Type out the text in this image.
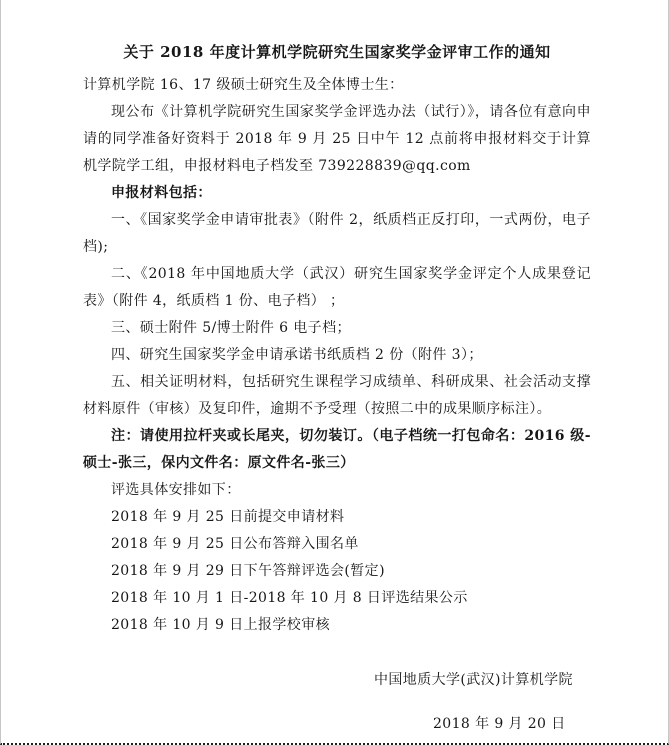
关于 2018 年度计算机学院研究生国家奖学金评审工作的通知

计算机学院 16、17 级硕士研究生及全体博士生：

现公布《计算机学院研究生国家奖学金评选办法（试行）》，请各位有意向申请的同学准备好资料于 2018 年 9 月 25 日中午 12 点前将申报材料交于计算机学院学工组，申报材料电子档发至 739228839@qq.com

申报材料包括：

一、《国家奖学金申请审批表》（附件 2，纸质档正反打印，一式两份，电子档);

二、《2018 年中国地质大学（武汉）研究生国家奖学金评定个人成果登记表》（附件 4，纸质档 1 份、电子档） ；

三、硕士附件 5/博士附件 6 电子档；

四、研究生国家奖学金申请承诺书纸质档 2 份（附件 3）；

五、相关证明材料，包括研究生课程学习成绩单、科研成果、社会活动支撑材料原件（审核）及复印件，逾期不予受理（按照二中的成果顺序标注）。

注：请使用拉杆夹或长尾夹，切勿装订。（电子档统一打包命名：2016 级-硕士-张三，保内文件名：原文件名-张三）

评选具体安排如下：

2018 年 9 月 25 日前提交申请材料

2018 年 9 月 25 日公布答辩入围名单

2018 年 9 月 29 日下午答辩评选会(暂定)

2018 年 10 月 1 日-2018 年 10 月 8 日评选结果公示

2018 年 10 月 9 日上报学校审核

中国地质大学(武汉)计算机学院
2018 年 9 月 20 日
